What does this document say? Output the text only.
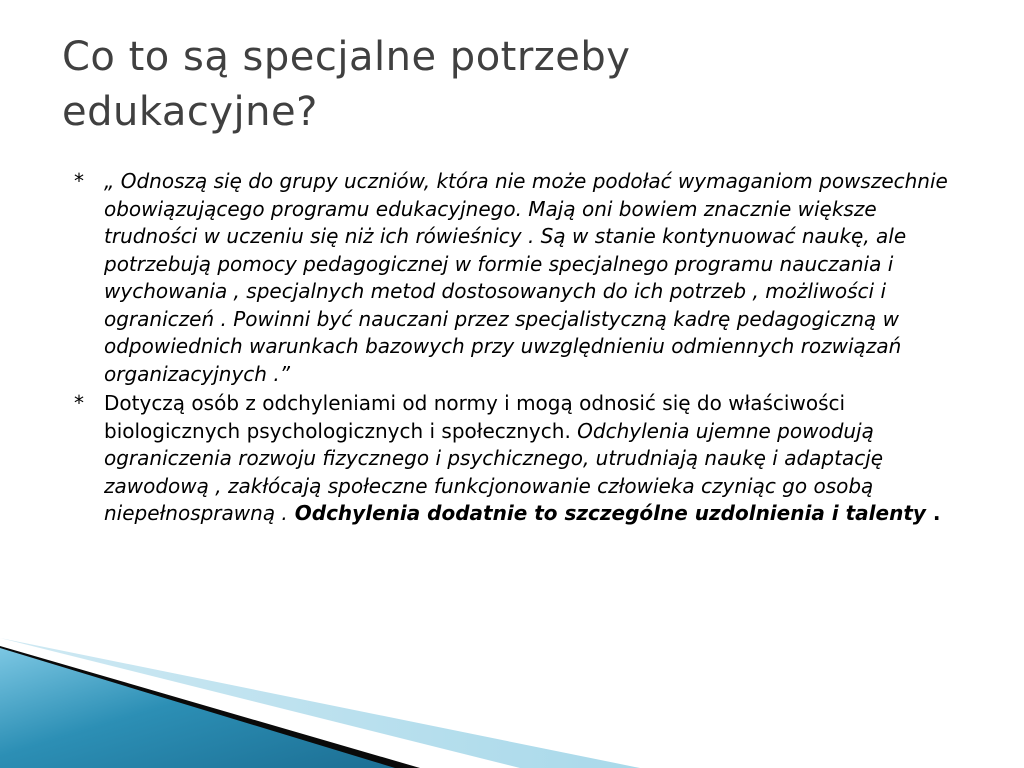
Co to są specjalne potrzeby
edukacyjne?
* „ Odnoszą się do grupy uczniów, która nie może podołać wymaganiom powszechnie obowiązującego programu edukacyjnego. Mają oni bowiem znacznie większe trudności w uczeniu się niż ich rówieśnicy . Są w stanie kontynuować naukę, ale potrzebują pomocy pedagogicznej w formie specjalnego programu nauczania i wychowania , specjalnych metod dostosowanych do ich potrzeb , możliwości i ograniczeń . Powinni być nauczani przez specjalistyczną kadrę pedagogiczną w odpowiednich warunkach bazowych przy uwzględnieniu odmiennych rozwiązań organizacyjnych .”
* Dotyczą osób z odchyleniami od normy i mogą odnosić się do właściwości biologicznych psychologicznych i społecznych. Odchylenia ujemne powodują ograniczenia rozwoju fizycznego i psychicznego, utrudniają naukę i adaptację zawodową , zakłócają społeczne funkcjonowanie człowieka czyniąc go osobą niepełnosprawną . Odchylenia dodatnie to szczególne uzdolnienia i talenty .
